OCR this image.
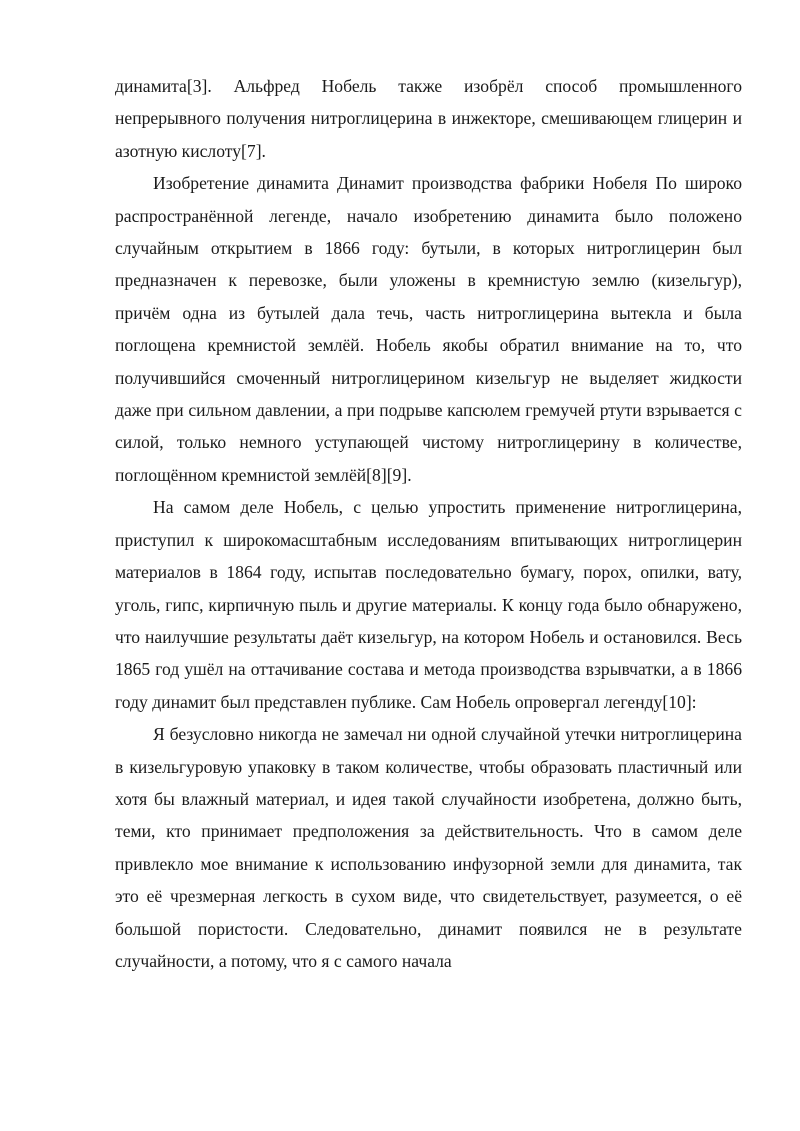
динамита[3]. Альфред Нобель также изобрёл способ промышленного непрерывного получения нитроглицерина в инжекторе, смешивающем глицерин и азотную кислоту[7].

Изобретение динамита Динамит производства фабрики Нобеля По широко распространённой легенде, начало изобретению динамита было положено случайным открытием в 1866 году: бутыли, в которых нитроглицерин был предназначен к перевозке, были уложены в кремнистую землю (кизельгур), причём одна из бутылей дала течь, часть нитроглицерина вытекла и была поглощена кремнистой землёй. Нобель якобы обратил внимание на то, что получившийся смоченный нитроглицерином кизельгур не выделяет жидкости даже при сильном давлении, а при подрыве капсюлем гремучей ртути взрывается с силой, только немного уступающей чистому нитроглицерину в количестве, поглощённом кремнистой землёй[8][9].

На самом деле Нобель, с целью упростить применение нитроглицерина, приступил к широкомасштабным исследованиям впитывающих нитроглицерин материалов в 1864 году, испытав последовательно бумагу, порох, опилки, вату, уголь, гипс, кирпичную пыль и другие материалы. К концу года было обнаружено, что наилучшие результаты даёт кизельгур, на котором Нобель и остановился. Весь 1865 год ушёл на оттачивание состава и метода производства взрывчатки, а в 1866 году динамит был представлен публике. Сам Нобель опровергал легенду[10]:

Я безусловно никогда не замечал ни одной случайной утечки нитроглицерина в кизельгуровую упаковку в таком количестве, чтобы образовать пластичный или хотя бы влажный материал, и идея такой случайности изобретена, должно быть, теми, кто принимает предположения за действительность. Что в самом деле привлекло мое внимание к использованию инфузорной земли для динамита, так это её чрезмерная легкость в сухом виде, что свидетельствует, разумеется, о её большой пористости. Следовательно, динамит появился не в результате случайности, а потому, что я с самого начала
